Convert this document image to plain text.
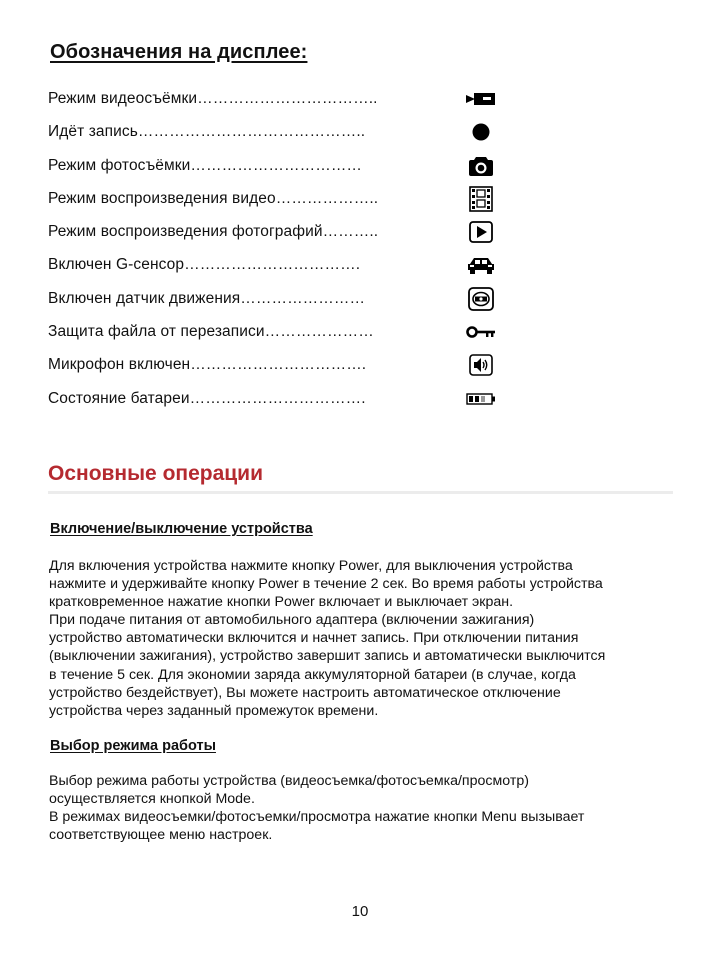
Обозначения на дисплее:
Режим видеосъёмки……………………………..
Идёт запись……………………………………..
Режим фотосъёмки……………………………
Режим воспроизведения видео………………..
Режим воспроизведения фотографий………..
Включен G-сенсор…………………………….
Включен датчик движения……………………
Защита файла от перезаписи…………………
Микрофон включен…………………………….
Состояние батареи…………………………….
Основные операции
Включение/выключение устройства
Для включения устройства нажмите кнопку Power, для выключения устройства
нажмите и удерживайте кнопку Power в течение 2 сек. Во время работы устройства
кратковременное нажатие кнопки Power включает и выключает экран.
При подаче питания от автомобильного адаптера (включении зажигания)
устройство автоматически включится и начнет запись. При отключении питания
(выключении зажигания), устройство завершит запись и автоматически выключится
в течение 5 сек. Для экономии заряда аккумуляторной батареи (в случае, когда
устройство бездействует), Вы можете настроить автоматическое отключение
устройства через заданный промежуток времени.
Выбор режима работы
Выбор режима работы устройства (видеосъемка/фотосъемка/просмотр)
осуществляется кнопкой Mode.
В режимах видеосъемки/фотосъемки/просмотра нажатие кнопки Menu вызывает
соответствующее меню настроек.
10
